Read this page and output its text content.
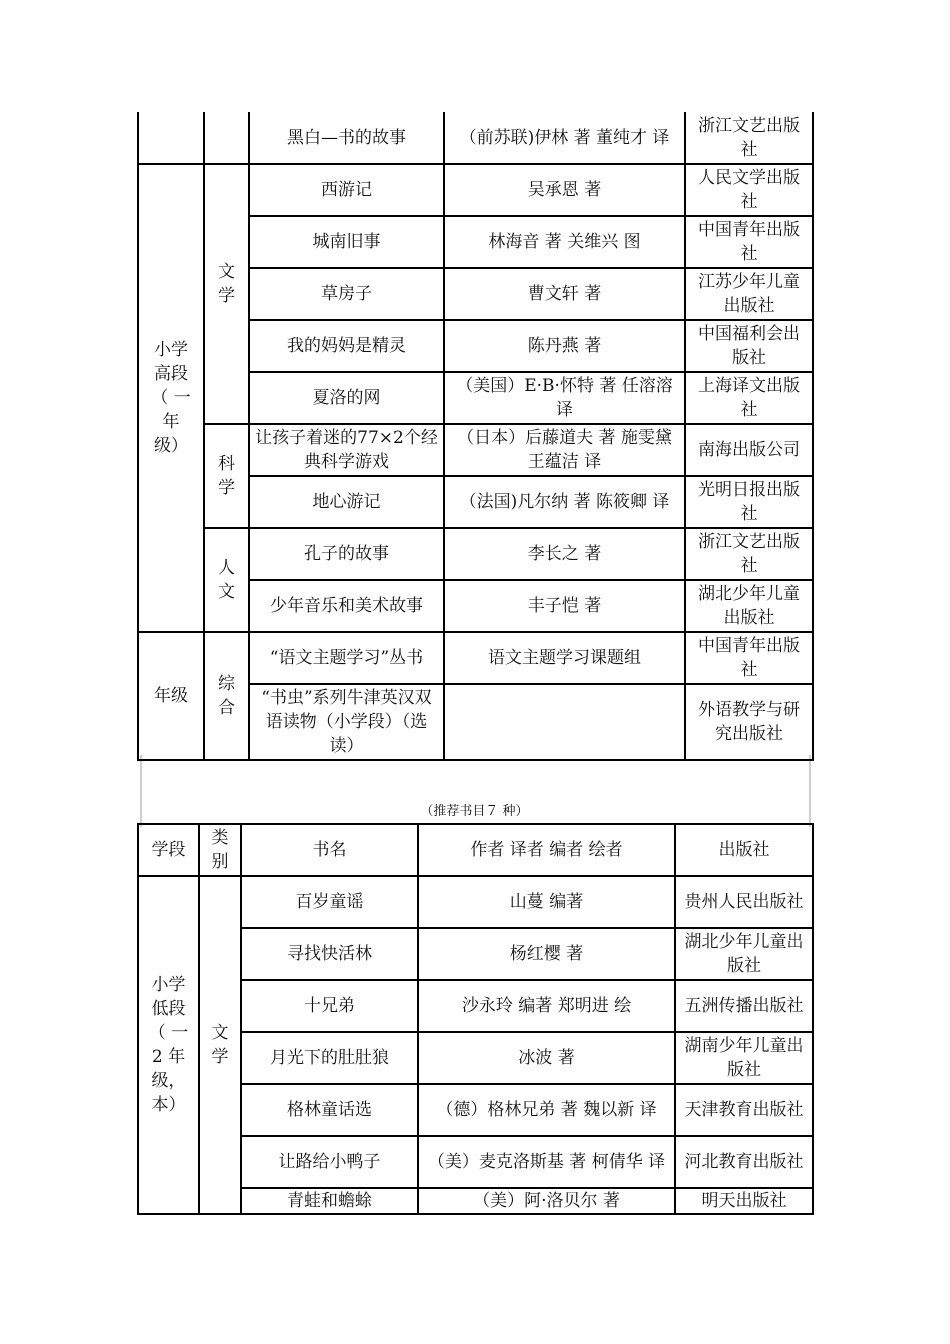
		黑白—书的故事	（前苏联)伊林 著 董纯才 译	浙江文艺出版社
小学高段（ 一 年 级）	文学	西游记	吴承恩 著	人民文学出版社
		城南旧事	林海音 著 关维兴 图	中国青年出版社
		草房子	曹文轩 著	江苏少年儿童出版社
		我的妈妈是精灵	陈丹燕 著	中国福利会出版社
		夏洛的网	（美国）E·B·怀特 著 任溶溶 译	上海译文出版社
	科学	让孩子着迷的77×2个经典科学游戏	（日本）后藤道夫 著 施雯黛 王蕴洁 译	南海出版公司
		地心游记	（法国)凡尔纳 著 陈筱卿 译	光明日报出版社
	人文	孔子的故事	李长之 著	浙江文艺出版社
		少年音乐和美术故事	丰子恺 著	湖北少年儿童出版社
年级	综合	“语文主题学习”丛书	语文主题学习课题组	中国青年出版社
		“书虫”系列牛津英汉双语读物（小学段）（选读）		外语教学与研究出版社
（推荐书目７ 种）
学段	类别	书名	作者 译者 编者 绘者	出版社
小学低段（ 一 2 年级，本）	文学	百岁童谣	山蔓 编著	贵州人民出版社
		寻找快活林	杨红樱 著	湖北少年儿童出版社
		十兄弟	沙永玲 编著 郑明进 绘	五洲传播出版社
		月光下的肚肚狼	冰波 著	湖南少年儿童出版社
		格林童话选	（德）格林兄弟 著 魏以新 译	天津教育出版社
		让路给小鸭子	（美）麦克洛斯基 著 柯倩华 译	河北教育出版社
		青蛙和蟾蜍	（美）阿·洛贝尔 著	明天出版社
